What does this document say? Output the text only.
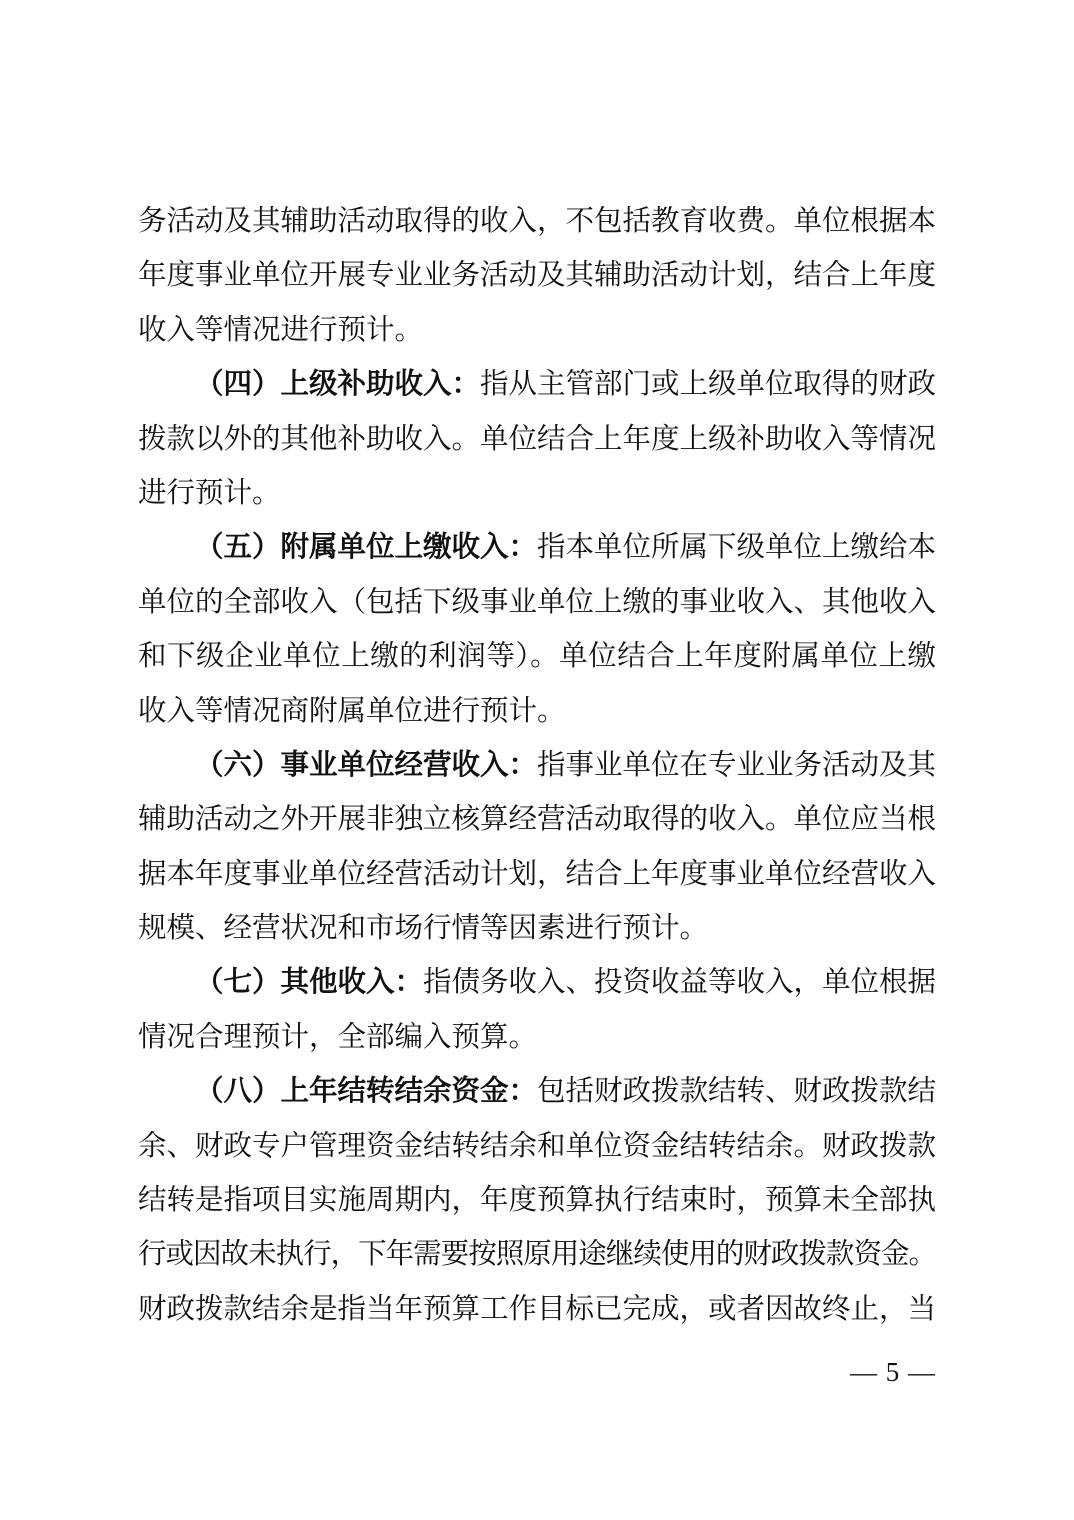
务活动及其辅助活动取得的收入，不包括教育收费。单位根据本
年度事业单位开展专业业务活动及其辅助活动计划，结合上年度
收入等情况进行预计。
（四）上级补助收入：指从主管部门或上级单位取得的财政
拨款以外的其他补助收入。单位结合上年度上级补助收入等情况
进行预计。
（五）附属单位上缴收入：指本单位所属下级单位上缴给本
单位的全部收入（包括下级事业单位上缴的事业收入、其他收入
和下级企业单位上缴的利润等）。单位结合上年度附属单位上缴
收入等情况商附属单位进行预计。
（六）事业单位经营收入：指事业单位在专业业务活动及其
辅助活动之外开展非独立核算经营活动取得的收入。单位应当根
据本年度事业单位经营活动计划，结合上年度事业单位经营收入
规模、经营状况和市场行情等因素进行预计。
（七）其他收入：指债务收入、投资收益等收入，单位根据
情况合理预计，全部编入预算。
（八）上年结转结余资金：包括财政拨款结转、财政拨款结
余、财政专户管理资金结转结余和单位资金结转结余。财政拨款
结转是指项目实施周期内，年度预算执行结束时，预算未全部执
行或因故未执行，下年需要按照原用途继续使用的财政拨款资金。
财政拨款结余是指当年预算工作目标已完成，或者因故终止，当
— 5 —
